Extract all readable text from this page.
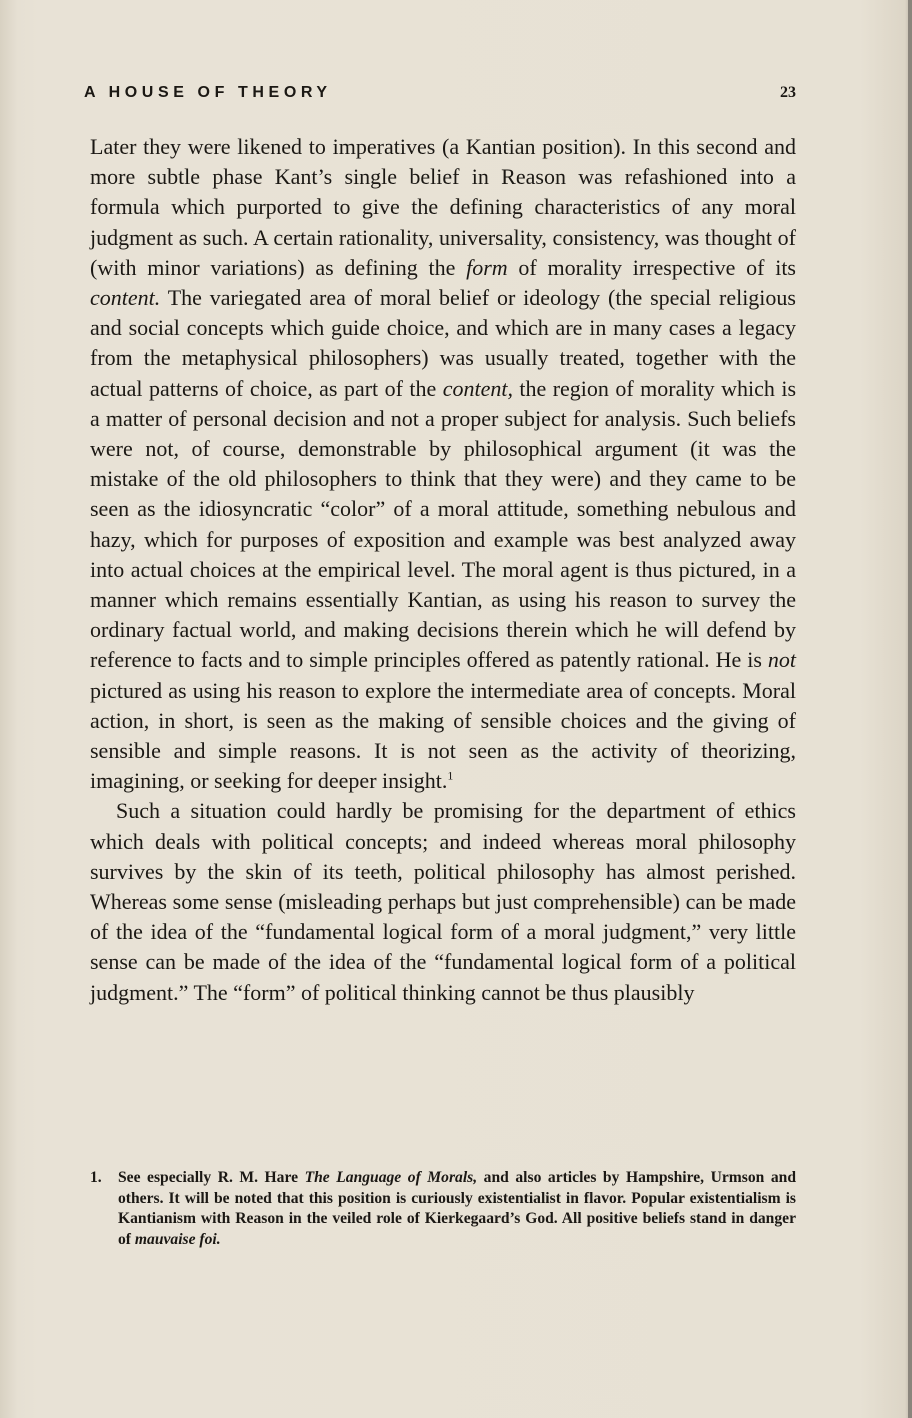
A HOUSE OF THEORY	23

Later they were likened to imperatives (a Kantian position). In this second and more subtle phase Kant’s single belief in Reason was refashioned into a formula which purported to give the defining characteristics of any moral judgment as such. A certain rationality, universality, consistency, was thought of (with minor variations) as defining the form of morality irrespective of its content. The variegated area of moral belief or ideology (the special religious and social concepts which guide choice, and which are in many cases a legacy from the metaphysical philosophers) was usually treated, together with the actual patterns of choice, as part of the content, the region of morality which is a matter of personal decision and not a proper subject for analysis. Such beliefs were not, of course, demonstrable by philosophical argument (it was the mistake of the old philosophers to think that they were) and they came to be seen as the idiosyncratic “color” of a moral attitude, something nebulous and hazy, which for purposes of exposition and example was best analyzed away into actual choices at the empirical level. The moral agent is thus pictured, in a manner which remains essentially Kantian, as using his reason to survey the ordinary factual world, and making decisions therein which he will defend by reference to facts and to simple principles offered as patently rational. He is not pictured as using his reason to explore the intermediate area of concepts. Moral action, in short, is seen as the making of sensible choices and the giving of sensible and simple reasons. It is not seen as the activity of theorizing, imagining, or seeking for deeper insight.$^1$

Such a situation could hardly be promising for the department of ethics which deals with political concepts; and indeed whereas moral philosophy survives by the skin of its teeth, political philosophy has almost perished. Whereas some sense (misleading perhaps but just comprehensible) can be made of the idea of the “fundamental logical form of a moral judgment,” very little sense can be made of the idea of the “fundamental logical form of a political judgment.” The “form” of political thinking cannot be thus plausibly

1. See especially R. M. Hare The Language of Morals, and also articles by Hampshire, Urmson and others. It will be noted that this position is curiously existentialist in flavor. Popular existentialism is Kantianism with Reason in the veiled role of Kierkegaard’s God. All positive beliefs stand in danger of mauvaise foi.
